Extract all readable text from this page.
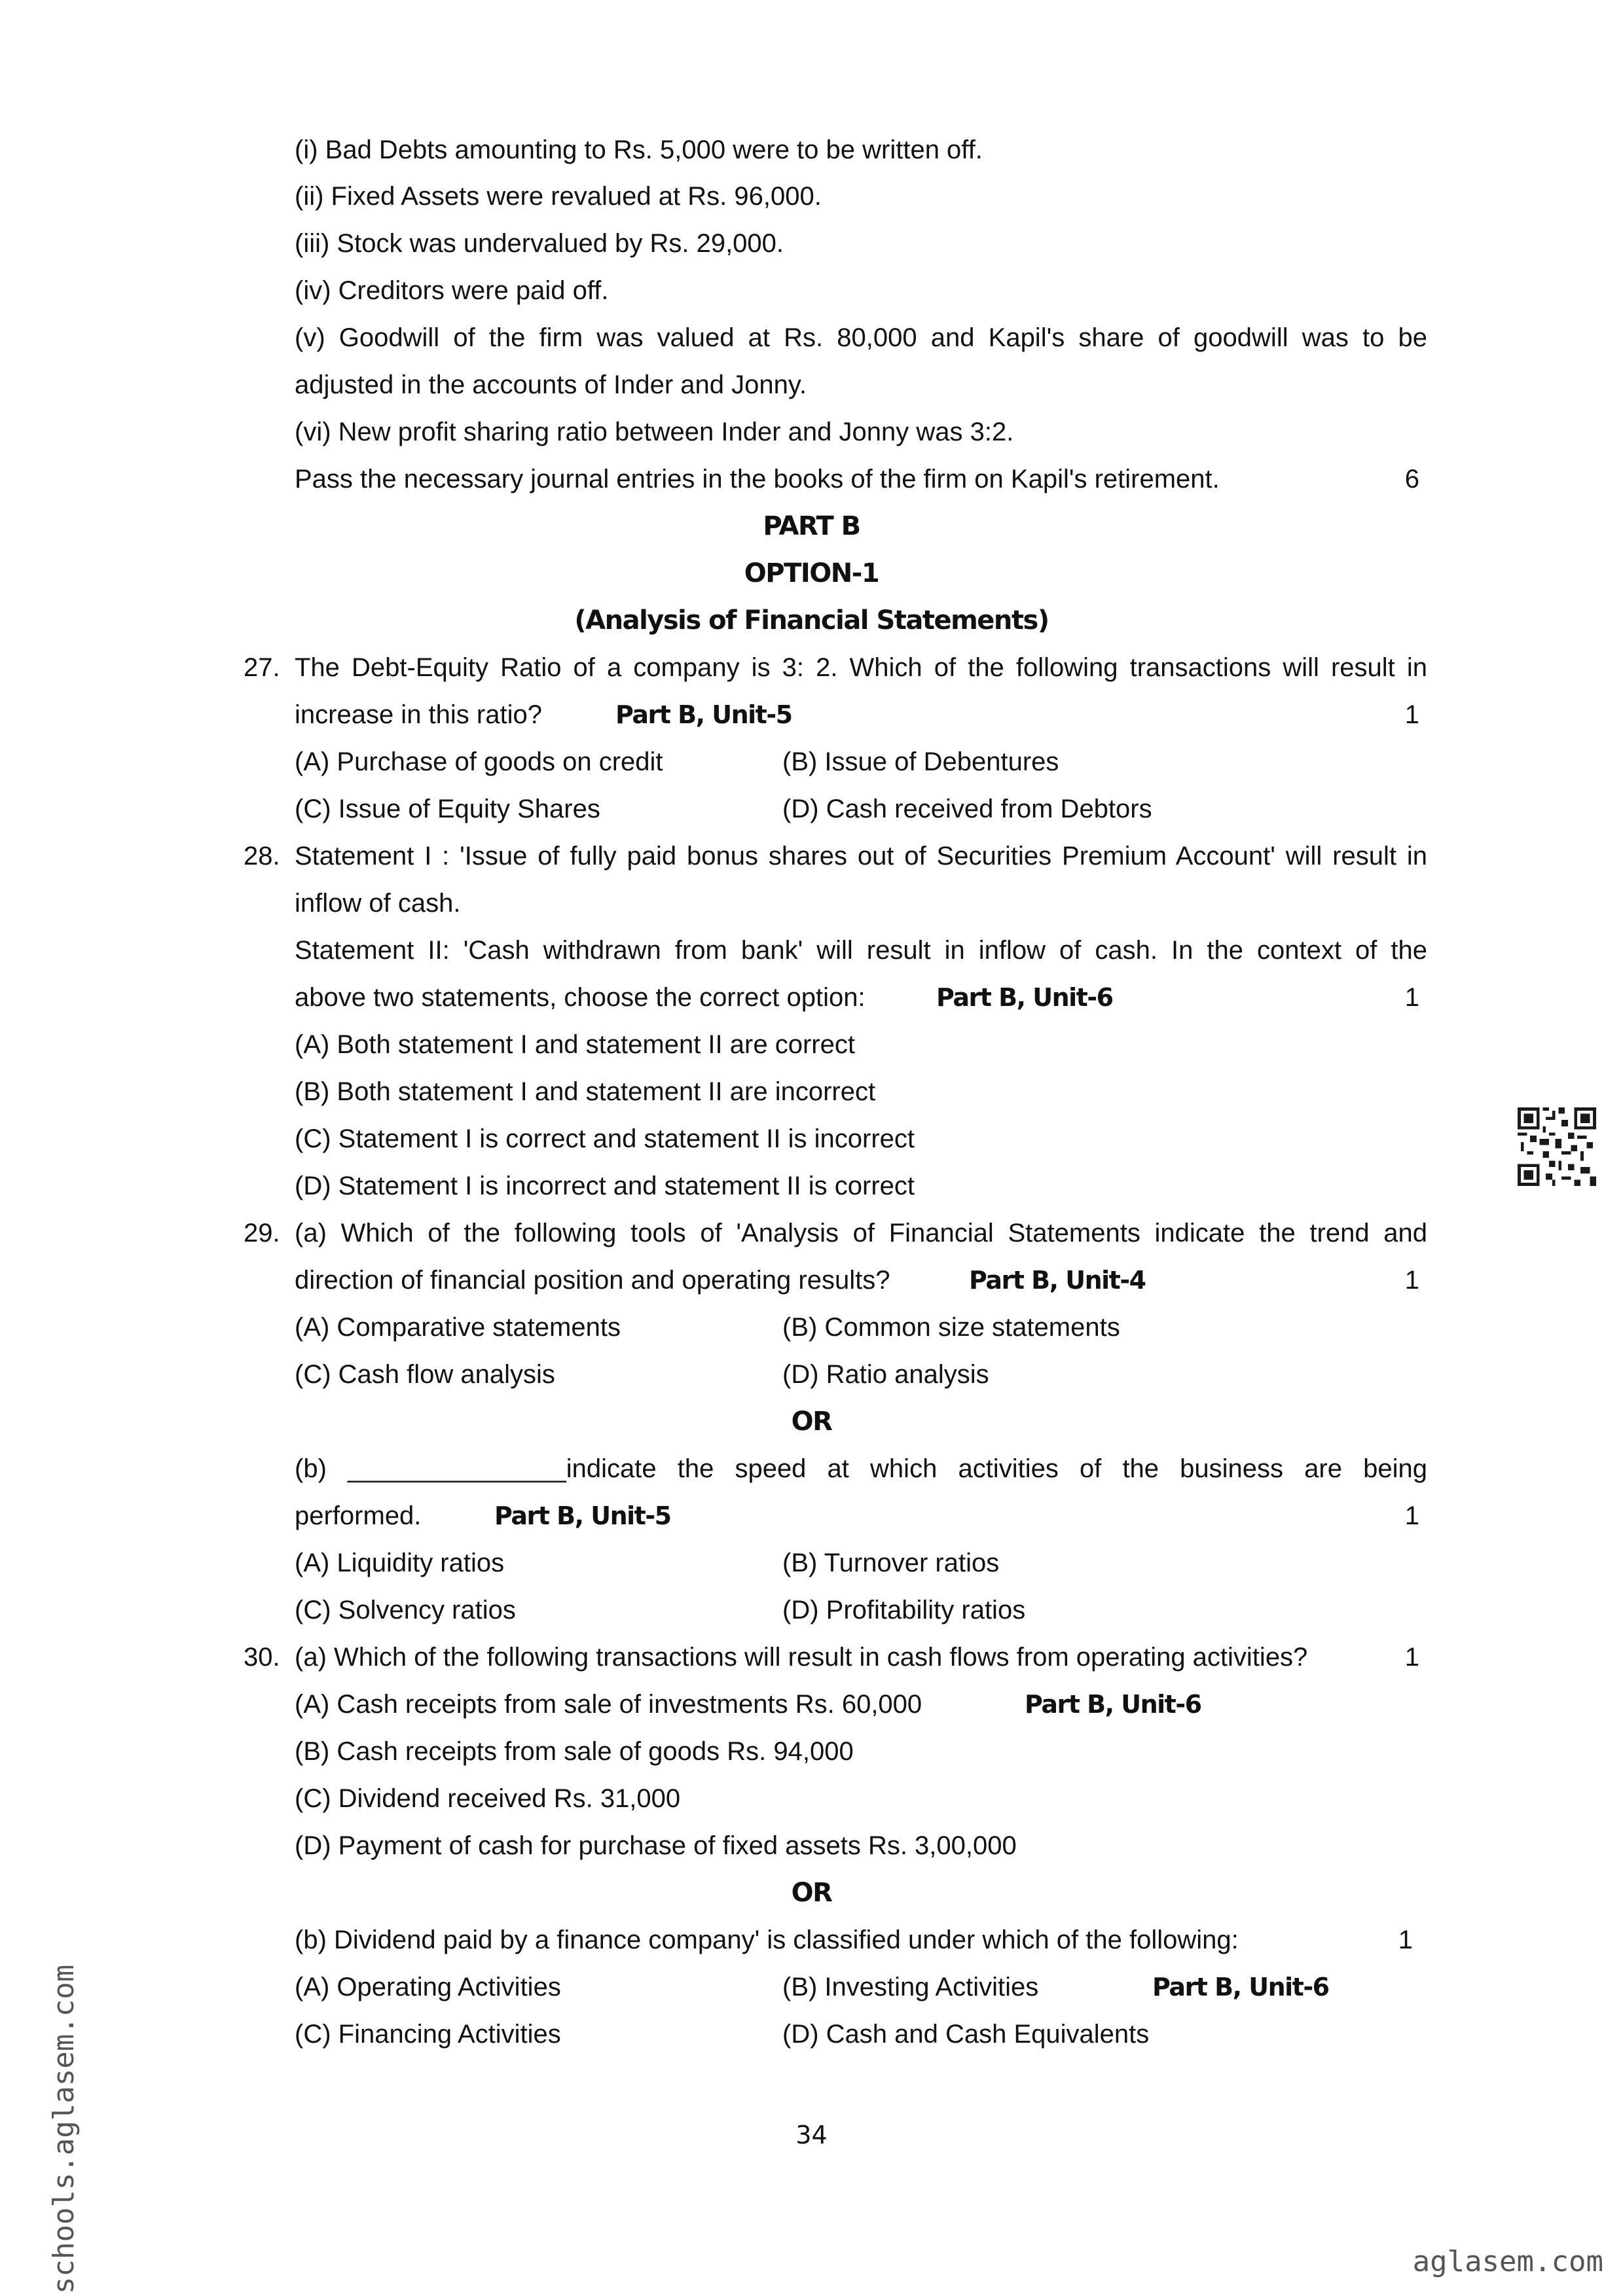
(i) Bad Debts amounting to Rs. 5,000 were to be written off.
(ii) Fixed Assets were revalued at Rs. 96,000.
(iii) Stock was undervalued by Rs. 29,000.
(iv) Creditors were paid off.
(v) Goodwill of the firm was valued at Rs. 80,000 and Kapil's share of goodwill was to be
adjusted in the accounts of Inder and Jonny.
(vi) New profit sharing ratio between Inder and Jonny was 3:2.
Pass the necessary journal entries in the books of the firm on Kapil's retirement.	6
PART B
OPTION-1
(Analysis of Financial Statements)
27. The Debt-Equity Ratio of a company is 3: 2. Which of the following transactions will result in
increase in this ratio?	Part B, Unit-5	1
(A) Purchase of goods on credit	(B) Issue of Debentures
(C) Issue of Equity Shares	(D) Cash received from Debtors
28. Statement I : 'Issue of fully paid bonus shares out of Securities Premium Account' will result in
inflow of cash.
Statement II: 'Cash withdrawn from bank' will result in inflow of cash. In the context of the
above two statements, choose the correct option:	Part B, Unit-6	1
(A) Both statement I and statement II are correct
(B) Both statement I and statement II are incorrect
(C) Statement I is correct and statement II is incorrect
(D) Statement I is incorrect and statement II is correct
29. (a) Which of the following tools of 'Analysis of Financial Statements indicate the trend and
direction of financial position and operating results?	Part B, Unit-4	1
(A) Comparative statements	(B) Common size statements
(C) Cash flow analysis	(D) Ratio analysis
OR
(b) _______________indicate the speed at which activities of the business are being
performed.	Part B, Unit-5	1
(A) Liquidity ratios	(B) Turnover ratios
(C) Solvency ratios	(D) Profitability ratios
30. (a) Which of the following transactions will result in cash flows from operating activities?	1
(A) Cash receipts from sale of investments Rs. 60,000	Part B, Unit-6
(B) Cash receipts from sale of goods Rs. 94,000
(C) Dividend received Rs. 31,000
(D) Payment of cash for purchase of fixed assets Rs. 3,00,000
OR
(b) Dividend paid by a finance company' is classified under which of the following:	1
(A) Operating Activities	(B) Investing Activities	Part B, Unit-6
(C) Financing Activities	(D) Cash and Cash Equivalents
34
schools.aglasem.com	aglasem.com
